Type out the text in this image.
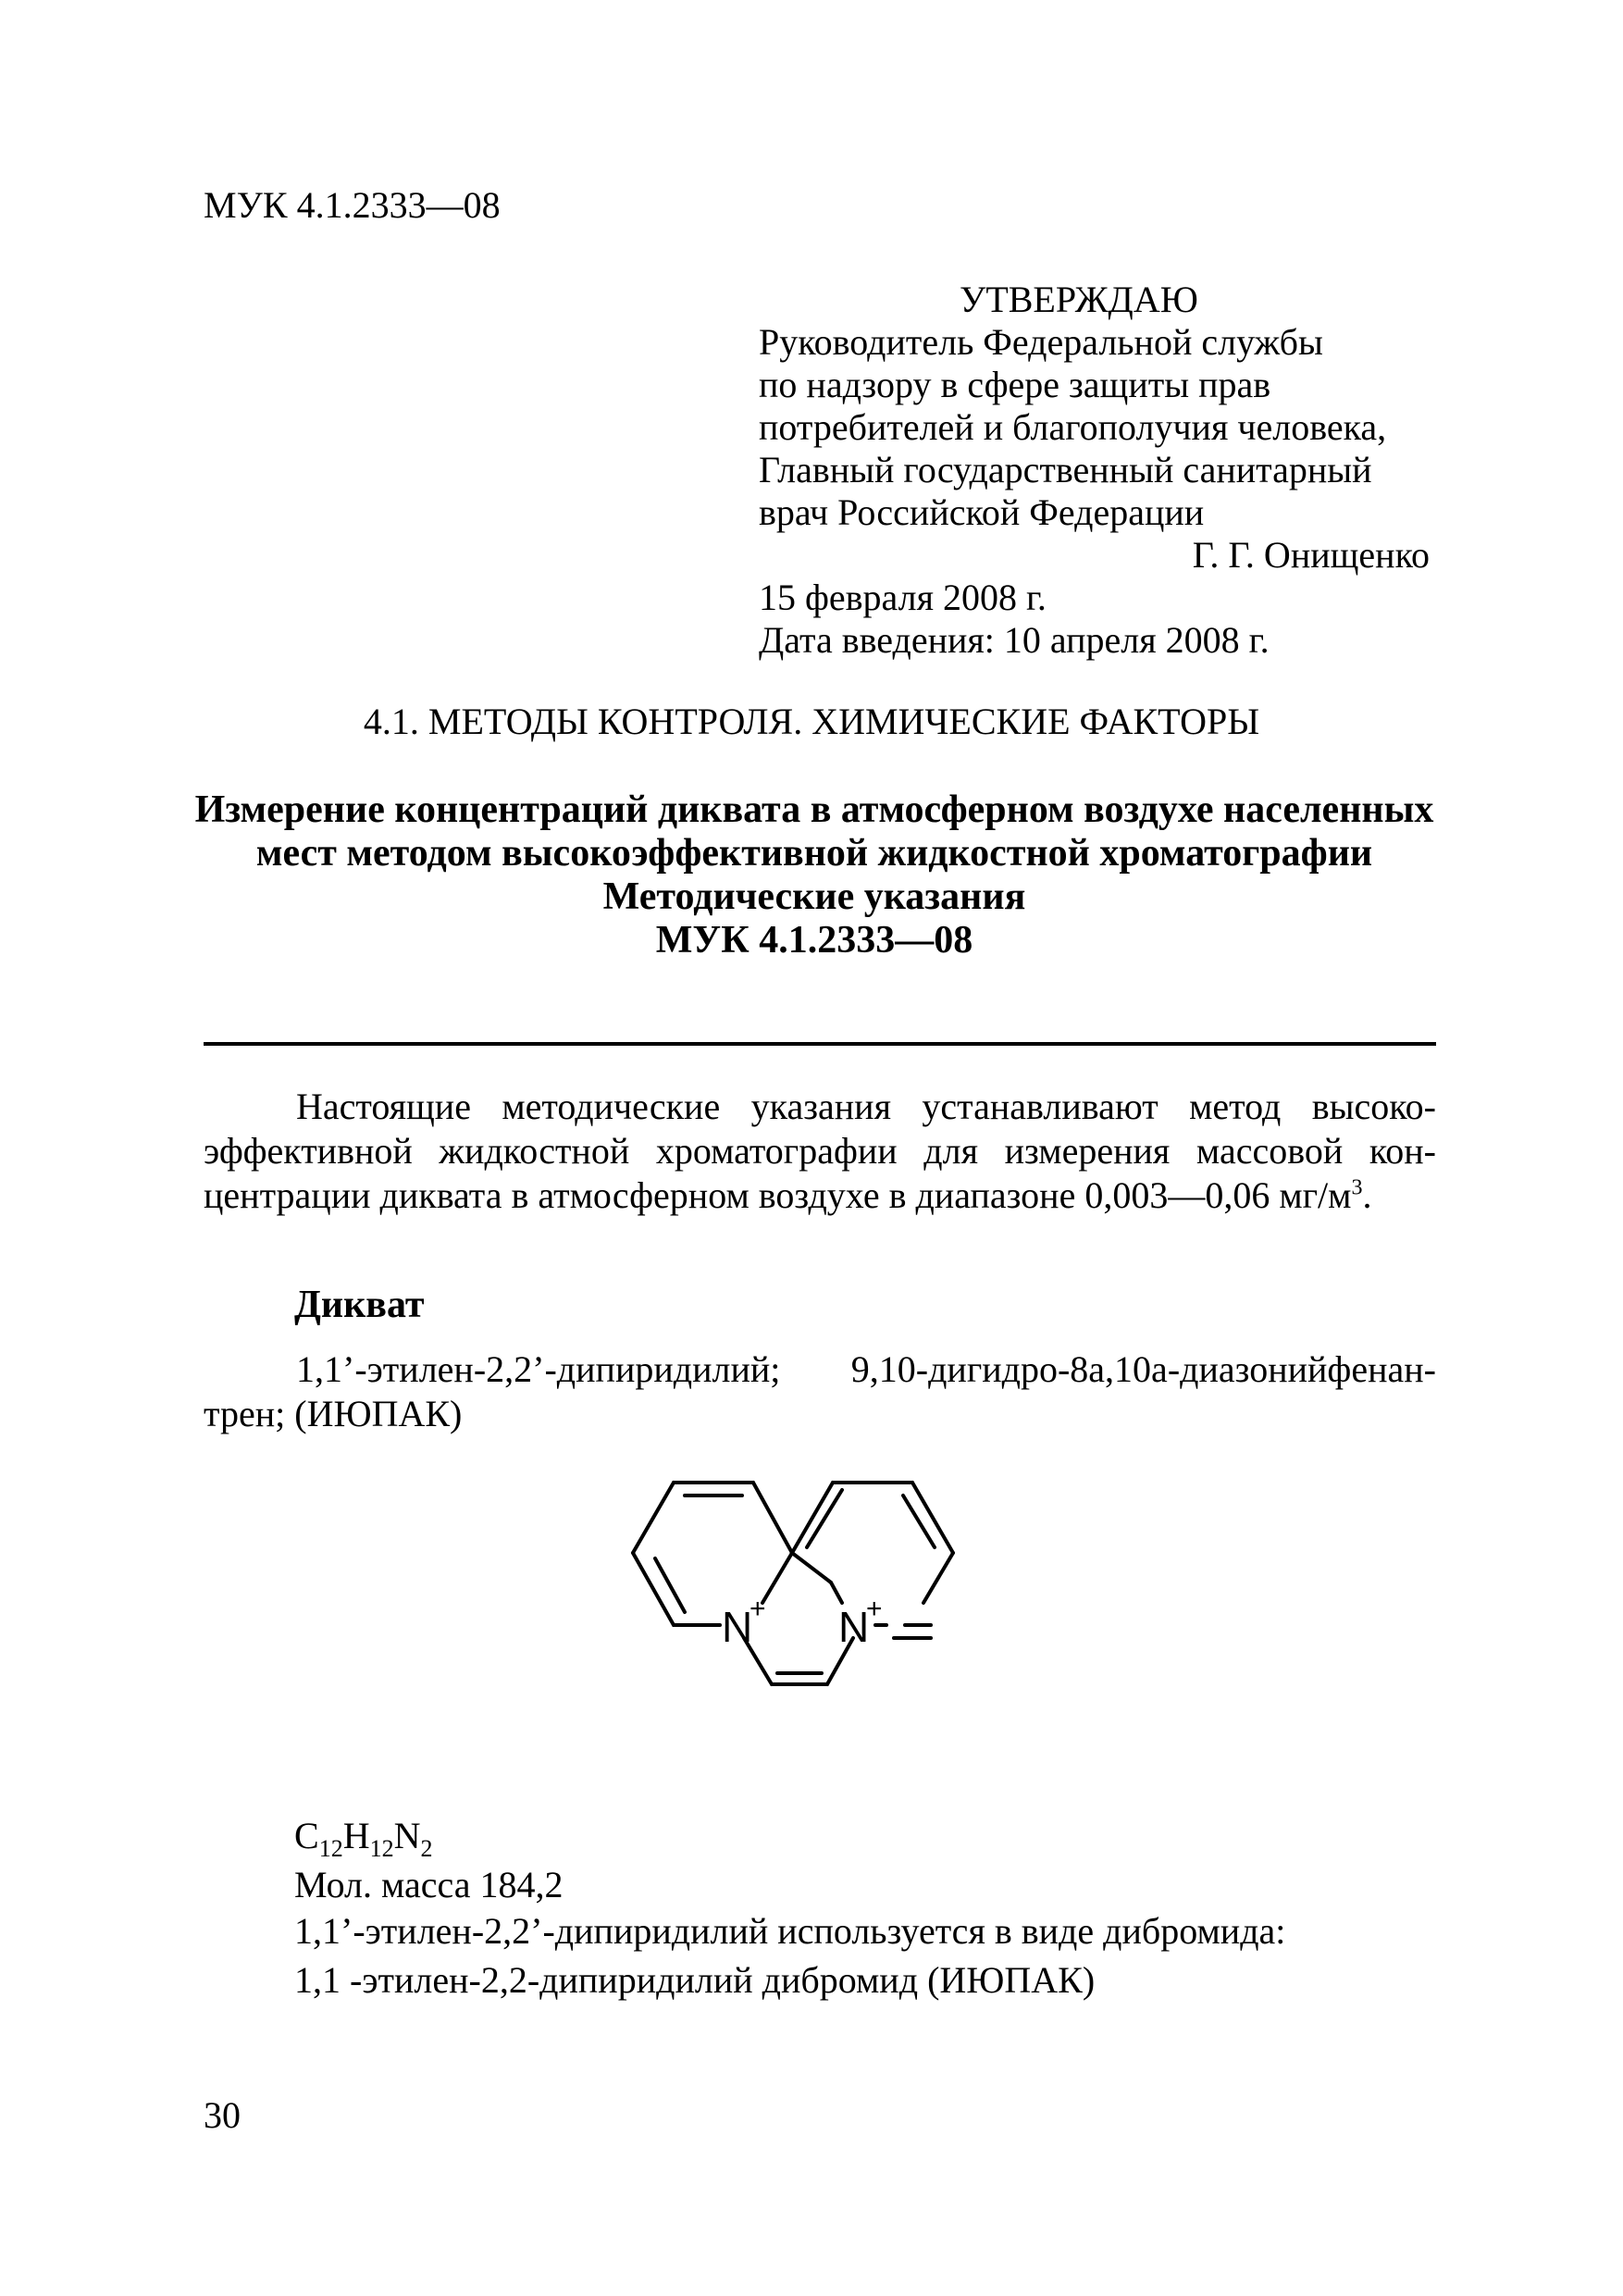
МУК 4.1.2333—08
УТВЕРЖДАЮ
Руководитель Федеральной службы
по надзору в сфере защиты прав
потребителей и благополучия человека,
Главный государственный санитарный
врач Российской Федерации
Г. Г. Онищенко
15 февраля 2008 г.
Дата введения: 10 апреля 2008 г.
4.1. МЕТОДЫ КОНТРОЛЯ. ХИМИЧЕСКИЕ ФАКТОРЫ
Измерение концентраций диквата в атмосферном воздухе населенных мест методом высокоэффективной жидкостной хроматографии
Методические указания
МУК 4.1.2333—08
Настоящие методические указания устанавливают метод высокоэффективной жидкостной хроматографии для измерения массовой концентрации диквата в атмосферном воздухе в диапазоне 0,003—0,06 $мг/м^3$.
Дикват
1,1’-этилен-2,2’-дипиридилий; 9,10-дигидро-8а,10а-диазонийфенантрен; (ИЮПАК)
N
+ N
+
$C_{12}H_{12}N_2$
Мол. масса 184,2
1,1’-этилен-2,2’-дипиридилий используется в виде дибромида:
1,1 -этилен-2,2-дипиридилий дибромид (ИЮПАК)
30
